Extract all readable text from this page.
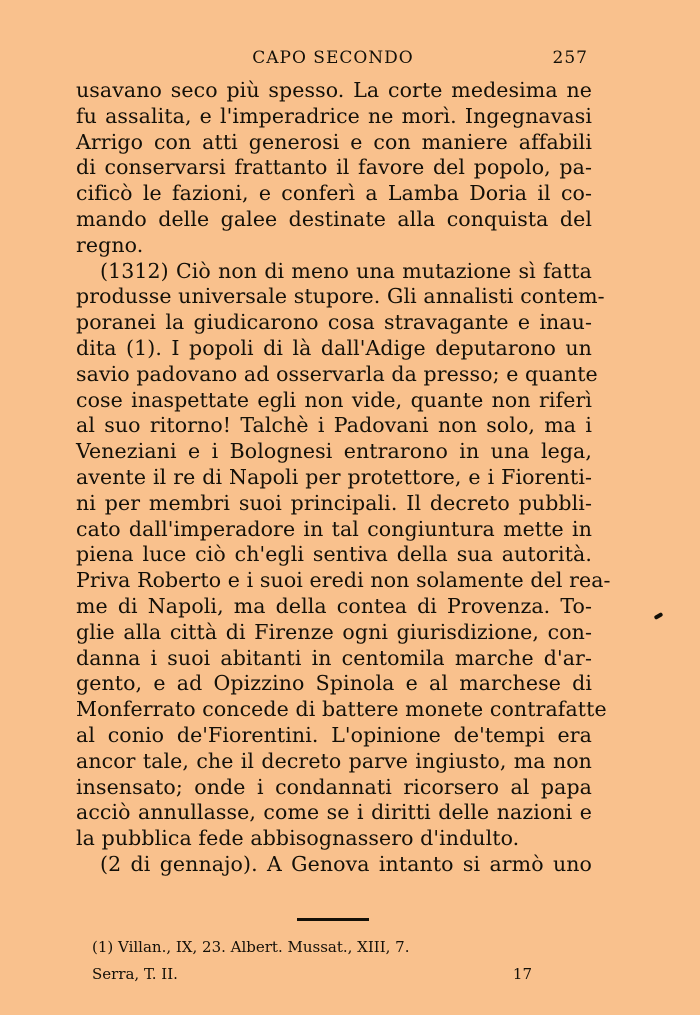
CAPO SECONDO	257
usavano seco più spesso. La corte medesima ne
fu assalita, e l'imperadrice ne morì. Ingegnavasi
Arrigo con atti generosi e con maniere affabili
di conservarsi frattanto il favore del popolo, pa-
cificò le fazioni, e conferì a Lamba Doria il co-
mando delle galee destinate alla conquista del
regno.
(1312) Ciò non di meno una mutazione sì fatta
produsse universale stupore. Gli annalisti contem-
poranei la giudicarono cosa stravagante e inau-
dita (1). I popoli di là dall'Adige deputarono un
savio padovano ad osservarla da presso; e quante
cose inaspettate egli non vide, quante non riferì
al suo ritorno! Talchè i Padovani non solo, ma i
Veneziani e i Bolognesi entrarono in una lega,
avente il re di Napoli per protettore, e i Fiorenti-
ni per membri suoi principali. Il decreto pubbli-
cato dall'imperadore in tal congiuntura mette in
piena luce ciò ch'egli sentiva della sua autorità.
Priva Roberto e i suoi eredi non solamente del rea-
me di Napoli, ma della contea di Provenza. To-
glie alla città di Firenze ogni giurisdizione, con-
danna i suoi abitanti in centomila marche d'ar-
gento, e ad Opizzino Spinola e al marchese di
Monferrato concede di battere monete contrafatte
al conio de'Fiorentini. L'opinione de'tempi era
ancor tale, che il decreto parve ingiusto, ma non
insensato; onde i condannati ricorsero al papa
acciò annullasse, come se i diritti delle nazioni e
la pubblica fede abbisognassero d'indulto.
(2 di gennajo). A Genova intanto si armò uno
(1) Villan., IX, 23. Albert. Mussat., XIII, 7.
Serra, T. II.	17
